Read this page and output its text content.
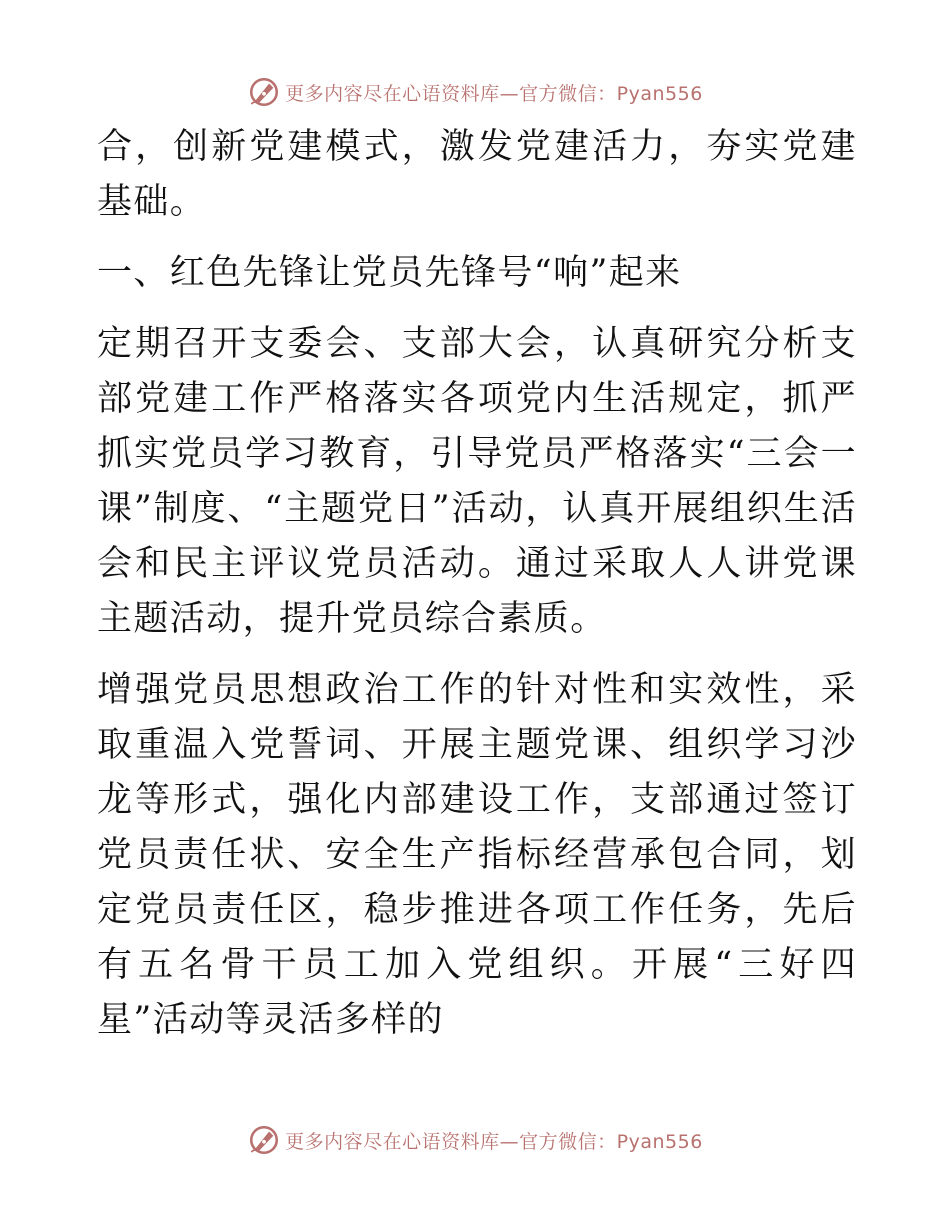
更多内容尽在心语资料库—官方微信：Pyan556

合，创新党建模式，激发党建活力，夯实党建基础。

一、红色先锋让党员先锋号“响”起来

定期召开支委会、支部大会，认真研究分析支部党建工作严格落实各项党内生活规定，抓严抓实党员学习教育，引导党员严格落实“三会一课”制度、“主题党日”活动，认真开展组织生活会和民主评议党员活动。通过采取人人讲党课主题活动，提升党员综合素质。

增强党员思想政治工作的针对性和实效性，采取重温入党誓词、开展主题党课、组织学习沙龙等形式，强化内部建设工作，支部通过签订党员责任状、安全生产指标经营承包合同，划定党员责任区，稳步推进各项工作任务，先后有五名骨干员工加入党组织。开展“三好四星”活动等灵活多样的

更多内容尽在心语资料库—官方微信：Pyan556
